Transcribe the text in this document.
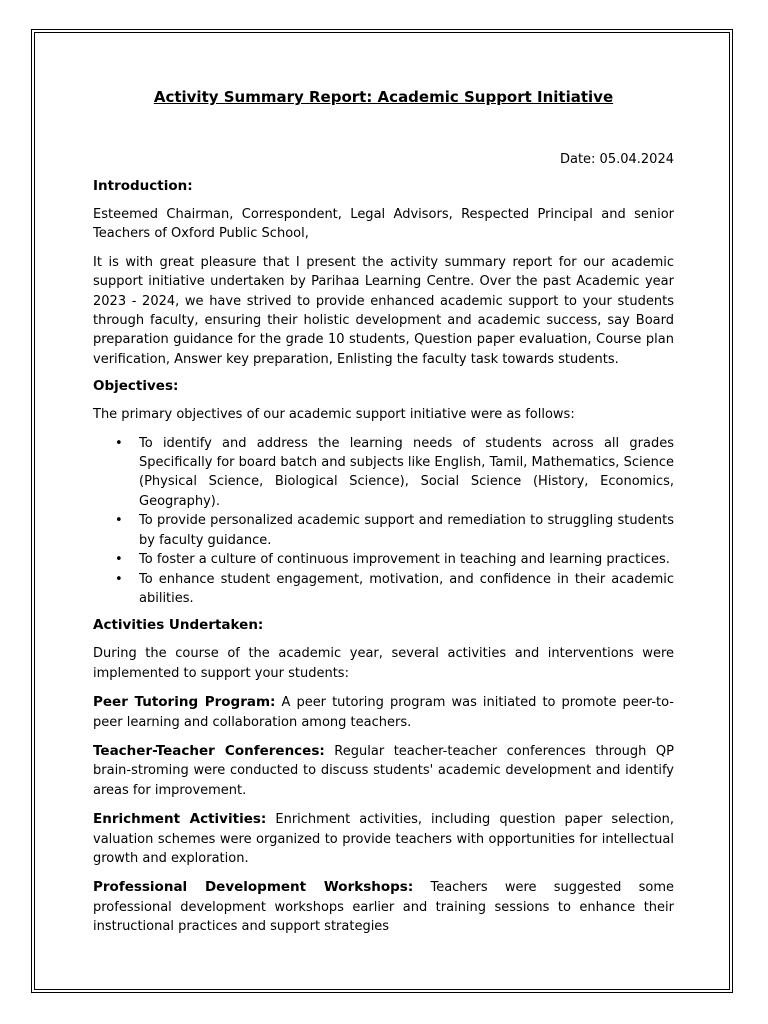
Activity Summary Report: Academic Support Initiative
Date: 05.04.2024
Introduction:

Esteemed Chairman, Correspondent, Legal Advisors, Respected Principal and senior Teachers of Oxford Public School,

It is with great pleasure that I present the activity summary report for our academic support initiative undertaken by Parihaa Learning Centre. Over the past Academic year 2023 - 2024, we have strived to provide enhanced academic support to your students through faculty, ensuring their holistic development and academic success, say Board preparation guidance for the grade 10 students, Question paper evaluation, Course plan verification, Answer key preparation, Enlisting the faculty task towards students.

Objectives:

The primary objectives of our academic support initiative were as follows:

• To identify and address the learning needs of students across all grades Specifically for board batch and subjects like English, Tamil, Mathematics, Science (Physical Science, Biological Science), Social Science (History, Economics, Geography).
• To provide personalized academic support and remediation to struggling students by faculty guidance.
• To foster a culture of continuous improvement in teaching and learning practices.
• To enhance student engagement, motivation, and confidence in their academic abilities.
Activities Undertaken:

During the course of the academic year, several activities and interventions were implemented to support your students:

Peer Tutoring Program: A peer tutoring program was initiated to promote peer-to-peer learning and collaboration among teachers.

Teacher-Teacher Conferences: Regular teacher-teacher conferences through QP brain-stroming were conducted to discuss students' academic development and identify areas for improvement.

Enrichment Activities: Enrichment activities, including question paper selection, valuation schemes were organized to provide teachers with opportunities for intellectual growth and exploration.

Professional Development Workshops: Teachers were suggested some professional development workshops earlier and training sessions to enhance their instructional practices and support strategies
